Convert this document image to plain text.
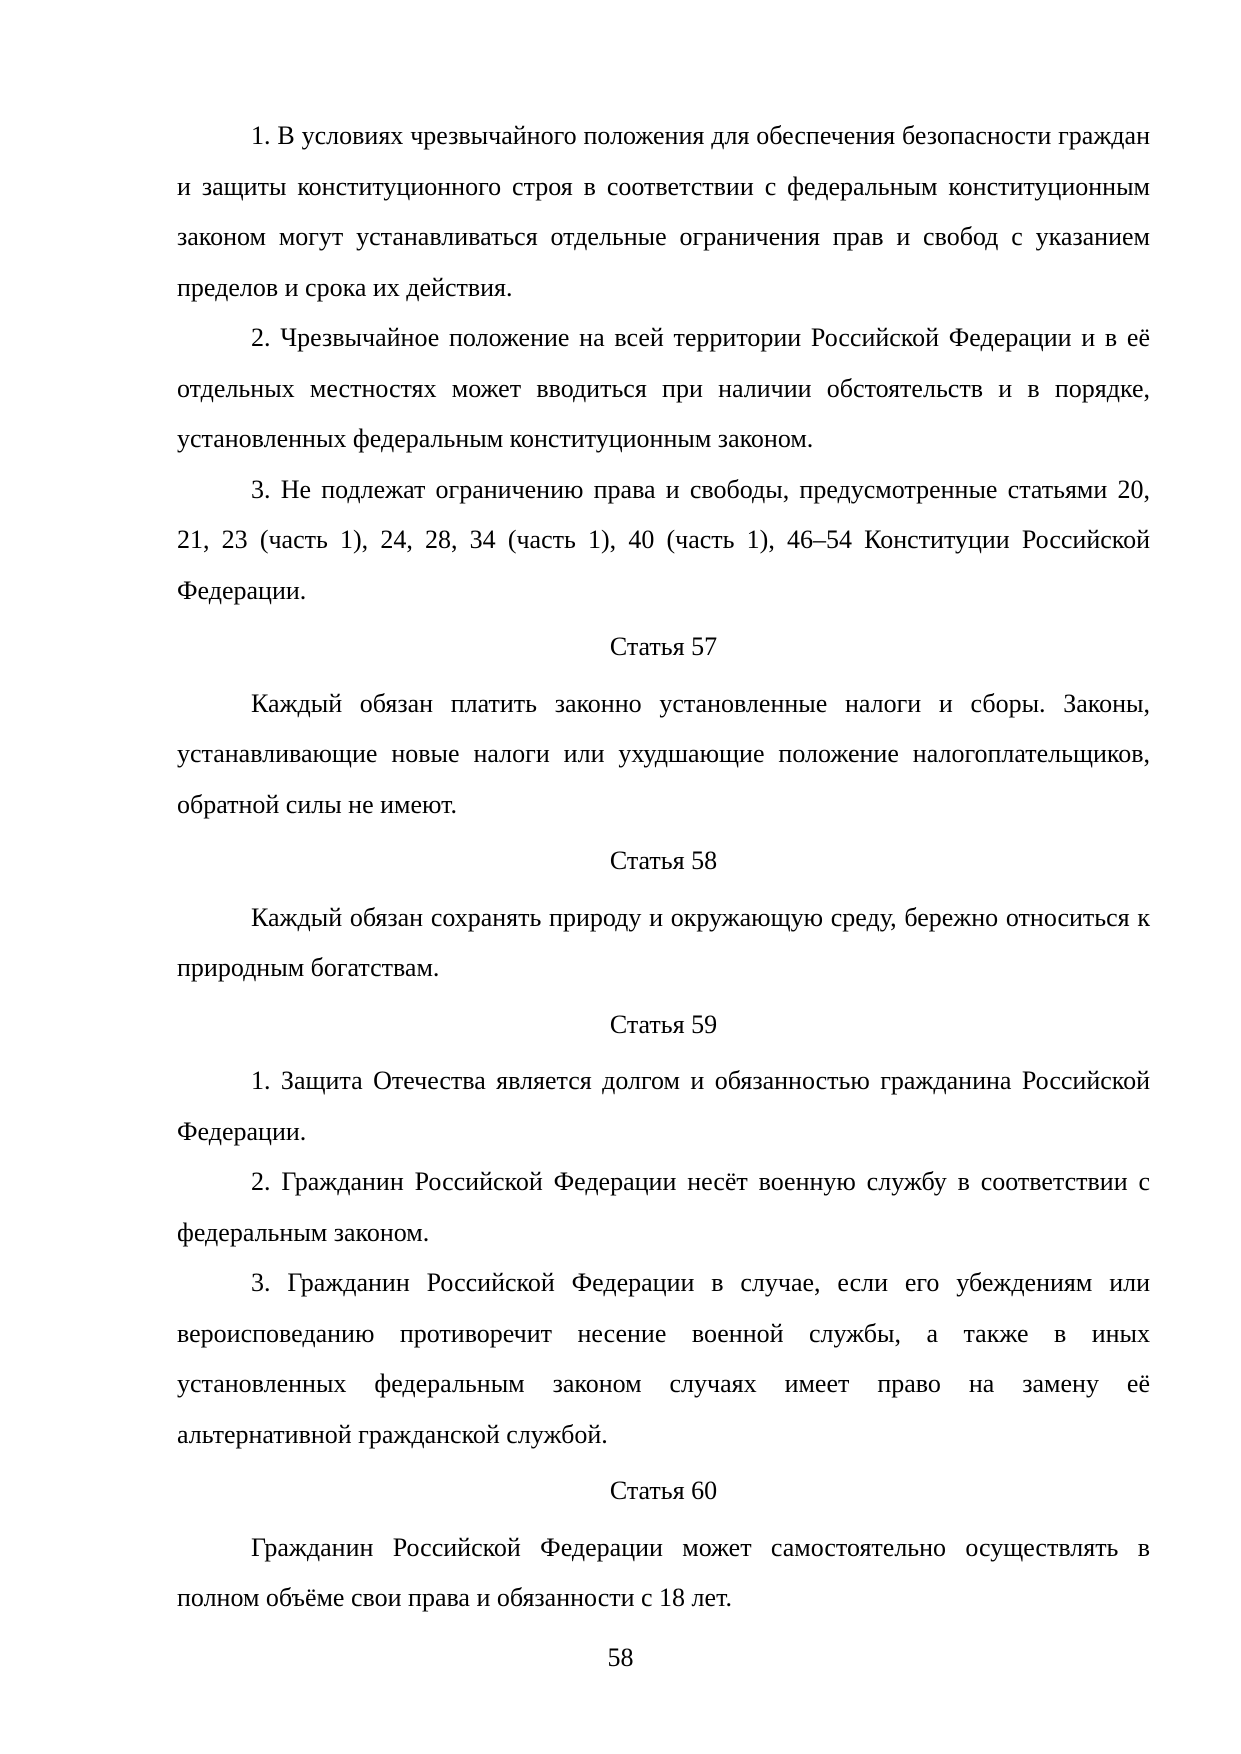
1. В условиях чрезвычайного положения для обеспечения безопасности граждан и защиты конституционного строя в соответствии с федеральным конституционным законом могут устанавливаться отдельные ограничения прав и свобод с указанием пределов и срока их действия.

2. Чрезвычайное положение на всей территории Российской Федерации и в её отдельных местностях может вводиться при наличии обстоятельств и в порядке, установленных федеральным конституционным законом.

3. Не подлежат ограничению права и свободы, предусмотренные статьями 20, 21, 23 (часть 1), 24, 28, 34 (часть 1), 40 (часть 1), 46–54 Конституции Российской Федерации.

Статья 57

Каждый обязан платить законно установленные налоги и сборы. Законы, устанавливающие новые налоги или ухудшающие положение налогоплательщиков, обратной силы не имеют.

Статья 58

Каждый обязан сохранять природу и окружающую среду, бережно относиться к природным богатствам.

Статья 59

1. Защита Отечества является долгом и обязанностью гражданина Российской Федерации.

2. Гражданин Российской Федерации несёт военную службу в соответствии с федеральным законом.

3. Гражданин Российской Федерации в случае, если его убеждениям или вероисповеданию противоречит несение военной службы, а также в иных установленных федеральным законом случаях имеет право на замену её альтернативной гражданской службой.

Статья 60

Гражданин Российской Федерации может самостоятельно осуществлять в полном объёме свои права и обязанности с 18 лет.

58
